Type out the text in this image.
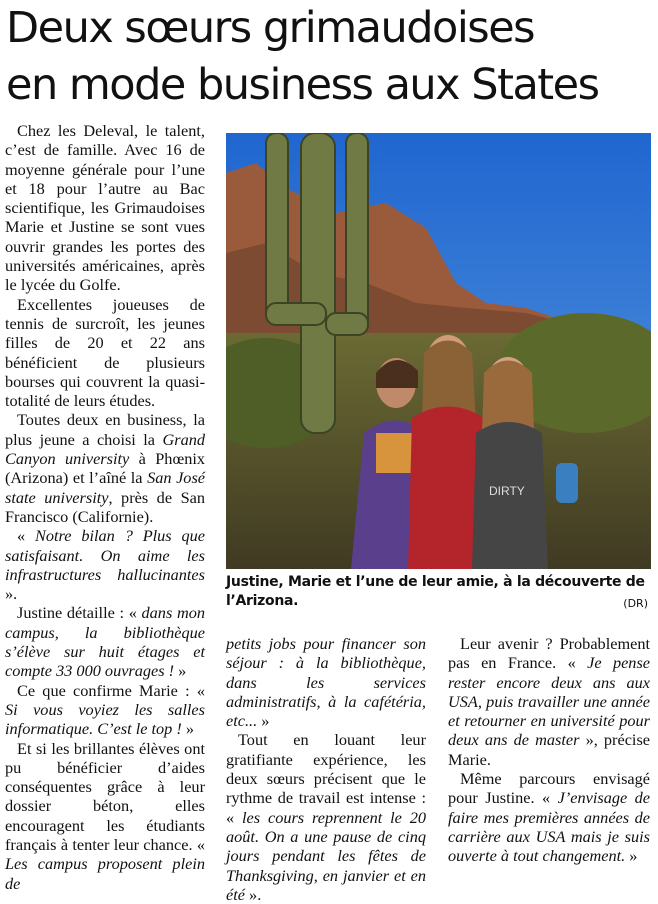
Deux sœurs grimaudoises
en mode business aux States

Chez les Deleval, le talent, c’est de famille. Avec 16 de moyenne générale pour l’une et 18 pour l’autre au Bac scientifique, les Grimaudoises Marie et Justine se sont vues ouvrir grandes les portes des universités américaines, après le lycée du Golfe.

Excellentes joueuses de tennis de surcroît, les jeunes filles de 20 et 22 ans bénéficient de plusieurs bourses qui couvrent la quasi-totalité de leurs études.

Toutes deux en business, la plus jeune a choisi la Grand Canyon university à Phœnix (Arizona) et l’aîné la San José state university, près de San Francisco (Californie).

« Notre bilan ? Plus que satisfaisant. On aime les infrastructures hallucinantes ».

Justine détaille : « dans mon campus, la bibliothèque s’élève sur huit étages et compte 33 000 ouvrages ! »

Ce que confirme Marie : « Si vous voyiez les salles informatique. C’est le top ! »

Et si les brillantes élèves ont pu bénéficier d’aides conséquentes grâce à leur dossier béton, elles encouragent les étudiants français à tenter leur chance. « Les campus proposent plein de

DIRTY
Justine, Marie et l’une de leur amie, à la découverte de l’Arizona.	(DR)

petits jobs pour financer son séjour : à la bibliothèque, dans les services administratifs, à la cafétéria, etc... »

Tout en louant leur gratifiante expérience, les deux sœurs précisent que le rythme de travail est intense : « les cours reprennent le 20 août. On a une pause de cinq jours pendant les fêtes de Thanksgiving, en janvier et en été ».

Leur avenir ? Probablement pas en France. « Je pense rester encore deux ans aux USA, puis travailler une année et retourner en université pour deux ans de master », précise Marie.

Même parcours envisagé pour Justine. « J’envisage de faire mes premières années de carrière aux USA mais je suis ouverte à tout changement. »
